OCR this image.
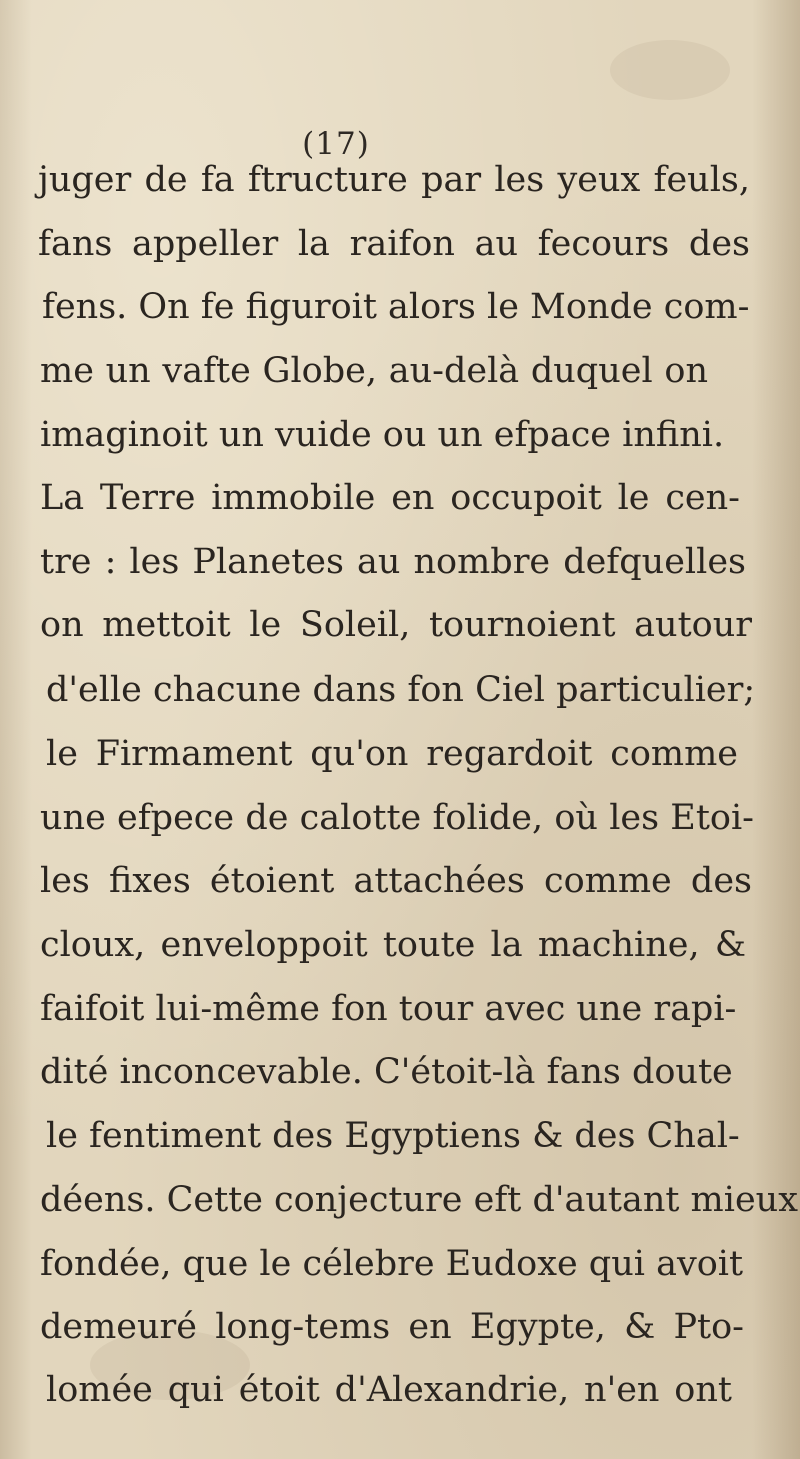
(17)
juger de fa ftructure par les yeux feuls,
fans appeller la raifon au fecours des
fens. On fe figuroit alors le Monde com-
me un vafte Globe, au-delà duquel on
imaginoit un vuide ou un efpace infini.
La Terre immobile en occupoit le cen-
tre : les Planetes au nombre defquelles
on mettoit le Soleil, tournoient autour
d'elle chacune dans fon Ciel particulier;
le Firmament qu'on regardoit comme
une efpece de calotte folide, où les Etoi-
les fixes étoient attachées comme des
cloux, enveloppoit toute la machine, &
faifoit lui-même fon tour avec une rapi-
dité inconcevable. C'étoit-là fans doute
le fentiment des Egyptiens & des Chal-
déens. Cette conjecture eft d'autant mieux
fondée, que le célebre Eudoxe qui avoit
demeuré long-tems en Egypte, & Pto-
lomée qui étoit d'Alexandrie, n'en ont
